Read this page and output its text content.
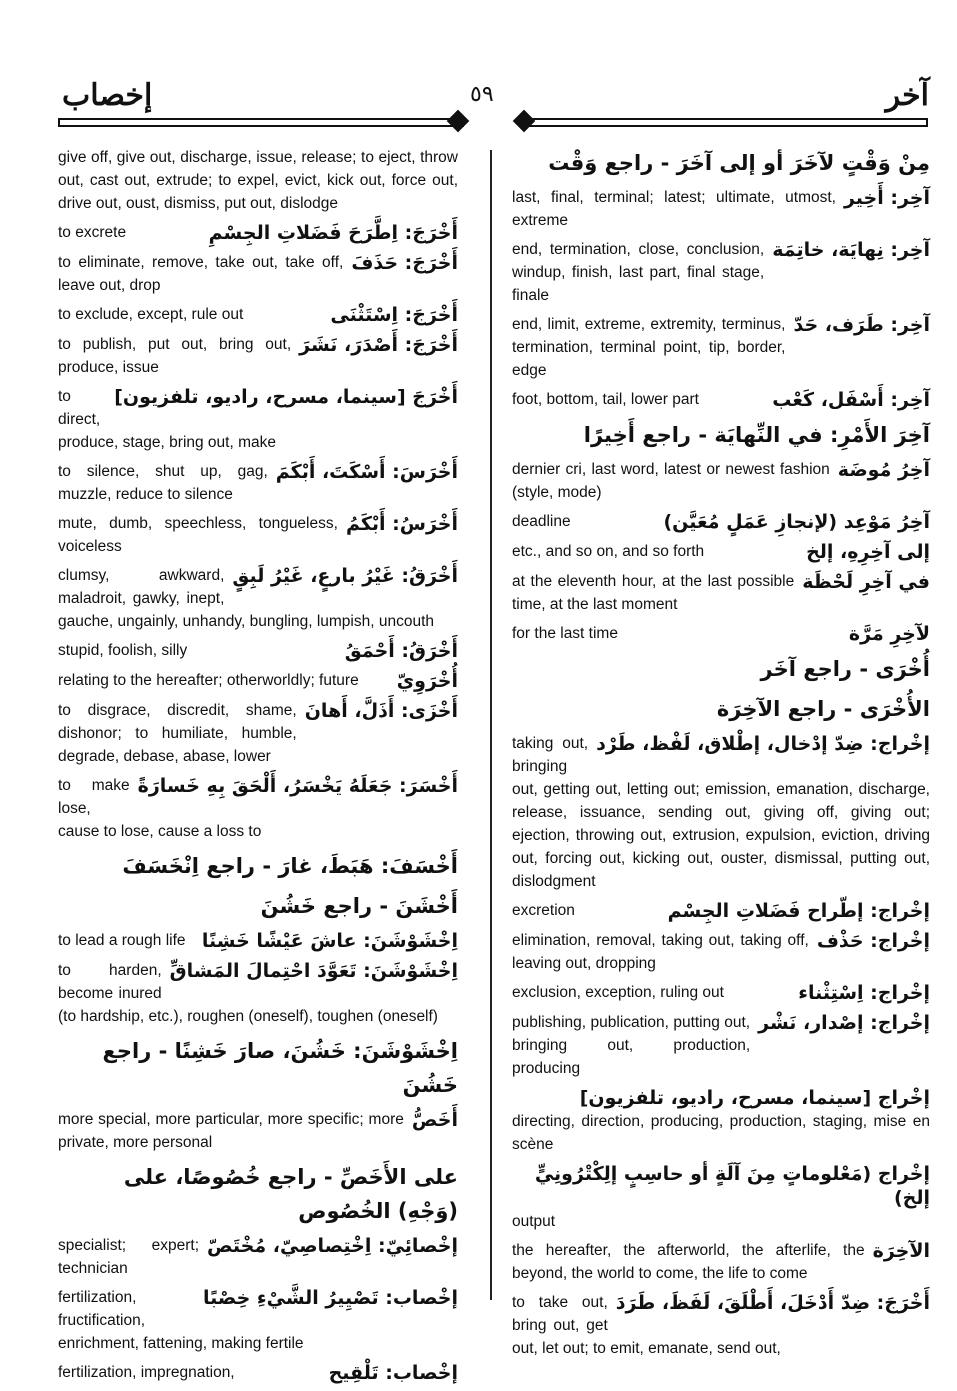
إخصاب	٥٩	آخر
give off, give out, discharge, issue, release; to eject, throw out, cast out, extrude; to expel, evict, kick out, force out, drive out, oust, dismiss, put out, dislodge
أَخْرَجَ: اِطَّرَحَ فَضَلاتِ الجِسْمِ
to excrete
أَخْرَجَ: حَذَفَ
to eliminate, remove, take out, take off, leave out, drop
أَخْرَجَ: اِسْتَثْنَى
to exclude, except, rule out
أَخْرَجَ: أَصْدَرَ، نَشَرَ
to publish, put out, bring out, produce, issue
أَخْرَجَ [سينما، مسرح، راديو، تلفزيون]
to direct, produce, stage, bring out, make
أَخْرَسَ: أَسْكَتَ، أَبْكَمَ
to silence, shut up, gag, muzzle, reduce to silence
أَخْرَسُ: أَبْكَمُ
mute, dumb, speechless, tongueless, voiceless
أَخْرَقُ: غَيْرُ بارعٍ، غَيْرُ لَبِقٍ
clumsy, awkward, maladroit, gawky, inept, gauche, ungainly, unhandy, bungling, lumpish, uncouth
أَخْرَقُ: أَحْمَقُ
stupid, foolish, silly
أُخْرَوِيّ
relating to the hereafter; otherworldly; future
أَخْزَى: أَذَلَّ، أَهانَ
to disgrace, discredit, shame, dishonor; to humiliate, humble, degrade, debase, abase, lower
أَخْسَرَ: جَعَلَهُ يَخْسَرُ، أَلْحَقَ بِهِ خَسارَةً
to make lose, cause to lose, cause a loss to
أَخْسَفَ: هَبَطَ، غارَ - راجع اِنْخَسَفَ
أَخْشَنَ - راجع خَشُنَ
اِخْشَوْشَنَ: عاشَ عَيْشًا خَشِنًا
to lead a rough life
اِخْشَوْشَنَ: تَعَوَّدَ احْتِمالَ المَشاقِّ
to harden, become inured (to hardship, etc.), roughen (oneself), toughen (oneself)
اِخْشَوْشَنَ: خَشُنَ، صارَ خَشِنًا - راجع خَشُنَ
أَخَصُّ
more special, more particular, more specific; more private, more personal
على الأَخَصِّ - راجع خُصُوصًا، على (وَجْهِ) الخُصُوص
إخْصائِيّ: اِخْتِصاصِيّ، مُخْتَصّ
specialist; expert; technician
إخْصاب: تَصْيِيرُ الشَّيْءِ خِصْبًا
fertilization, fructification, enrichment, fattening, making fertile
إخْصاب: تَلْقِيح
fertilization, impregnation,
مِنْ وَقْتٍ لآخَرَ أو إلى آخَرَ - راجع وَقْت
آخِر: أَخِير
last, final, terminal; latest; ultimate, utmost, extreme
آخِر: نِهايَة، خاتِمَة
end, termination, close, conclusion, windup, finish, last part, final stage, finale
آخِر: طَرَف، حَدّ
end, limit, extreme, extremity, terminus, termination, terminal point, tip, border, edge
آخِر: أَسْفَل، كَعْب
foot, bottom, tail, lower part
آخِرَ الأَمْرِ: في النِّهايَة - راجع أَخِيرًا
آخِرُ مُوضَة
dernier cri, last word, latest or newest fashion (style, mode)
آخِرُ مَوْعِد (لإنجازِ عَمَلٍ مُعَيَّن)
deadline
إلى آخِرِهِ، إلخ
etc., and so on, and so forth
في آخِرِ لَحْظَة
at the eleventh hour, at the last possible time, at the last moment
لآخِرِ مَرَّة
for the last time
أُخْرَى - راجع آخَر
الأُخْرَى - راجع الآخِرَة
إخْراج: ضِدّ إدْخال، إطْلاق، لَفْظ، طَرْد
taking out, bringing out, getting out, letting out; emission, emanation, discharge, release, issuance, sending out, giving off, giving out; ejection, throwing out, extrusion, expulsion, eviction, driving out, forcing out, kicking out, ouster, dismissal, putting out, dislodgment
إخْراج: إطّراح فَضَلاتِ الجِسْم
excretion
إخْراج: حَذْف
elimination, removal, taking out, taking off, leaving out, dropping
إخْراج: اِسْتِثْناء
exclusion, exception, ruling out
إخْراج: إصْدار، نَشْر
publishing, publication, putting out, bringing out, production, producing
إخْراج [سينما، مسرح، راديو، تلفزيون]
directing, direction, producing, production, staging, mise en scène
إخْراج (مَعْلوماتٍ مِنَ آلَةٍ أو حاسِبٍ إلِكْتْرُونِيٍّ إلخ)
output
الآخِرَة
the hereafter, the afterworld, the afterlife, the beyond, the world to come, the life to come
أَخْرَجَ: ضِدّ أَدْخَلَ، أَطْلَقَ، لَفَظَ، طَرَدَ
to take out, bring out, get out, let out; to emit, emanate, send out,
